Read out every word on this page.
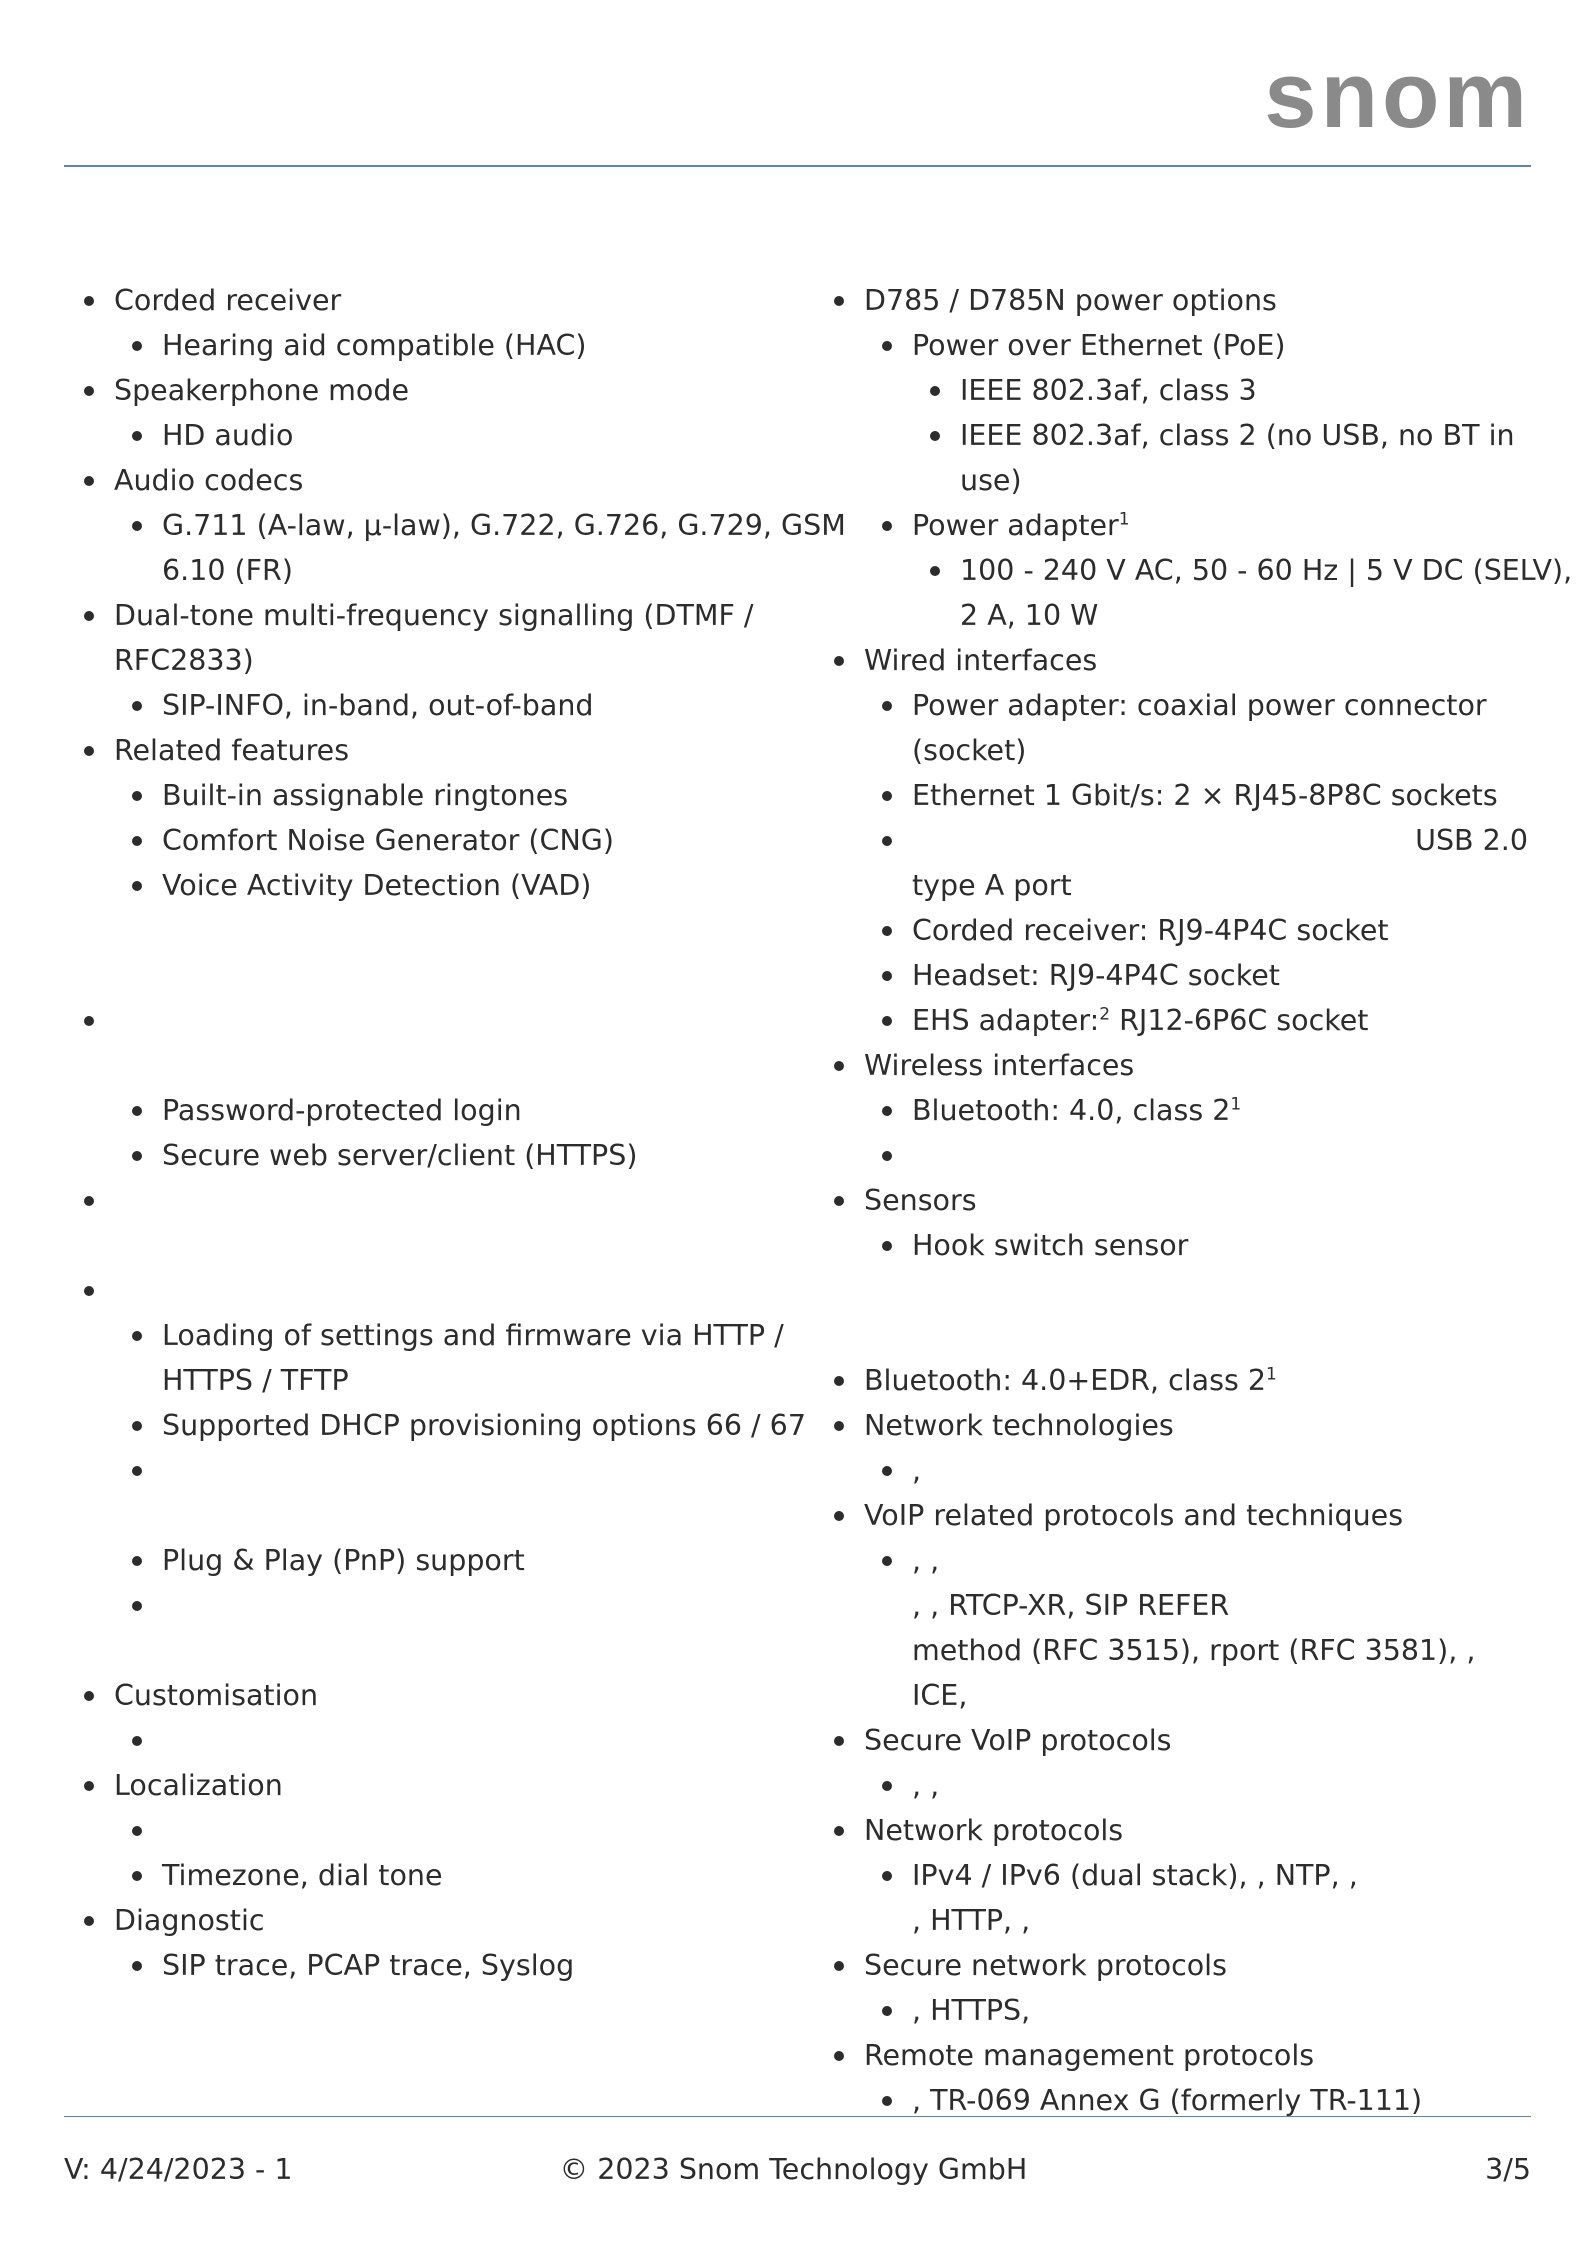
snom
Corded receiver
Hearing aid compatible (HAC)
Speakerphone mode
HD audio
Audio codecs
G.711 (A-law, µ-law), G.722, G.726, G.729, GSM
6.10 (FR)
Dual-tone multi-frequency signalling (DTMF /
RFC2833)
SIP-INFO, in-band, out-of-band
Related features
Built-in assignable ringtones
Comfort Noise Generator (CNG)
Voice Activity Detection (VAD)
Password-protected login
Secure web server/client (HTTPS)
Loading of settings and firmware via HTTP /
HTTPS / TFTP
Supported DHCP provisioning options 66 / 67
Plug & Play (PnP) support
Customisation
Localization
Timezone, dial tone
Diagnostic
SIP trace, PCAP trace, Syslog
D785 / D785N power options
Power over Ethernet (PoE)
IEEE 802.3af, class 3
IEEE 802.3af, class 2 (no USB, no BT in
use)
Power adapter$^1$
100 - 240 V AC, 50 - 60 Hz | 5 V DC (SELV),
2 A, 10 W
Wired interfaces
Power adapter: coaxial power connector
(socket)
Ethernet 1 Gbit/s: 2 × RJ45-8P8C sockets
USB 2.0
type A port
Corded receiver: RJ9-4P4C socket
Headset: RJ9-4P4C socket
EHS adapter:$^2$ RJ12-6P6C socket
Wireless interfaces
Bluetooth: 4.0, class $2^1$
Sensors
Hook switch sensor
Bluetooth: 4.0+EDR, class $2^1$
Network technologies
,
VoIP related protocols and techniques
, ,
, , RTCP-XR, SIP REFER
method (RFC 3515), rport (RFC 3581), ,
ICE,
Secure VoIP protocols
, ,
Network protocols
IPv4 / IPv6 (dual stack), , NTP, ,
, HTTP, ,
Secure network protocols
, HTTPS,
Remote management protocols
, TR-069 Annex G (formerly TR-111)
V: 4/24/2023 - 1	© 2023 Snom Technology GmbH	3/5
